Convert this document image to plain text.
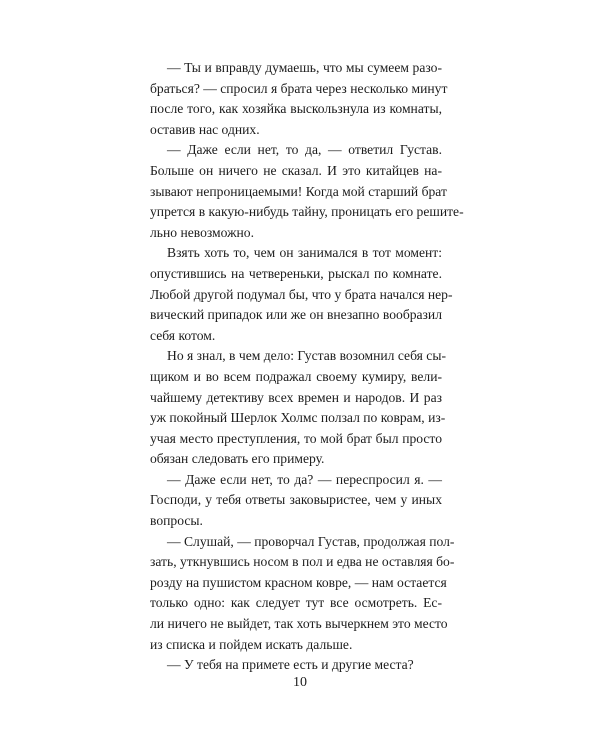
— Ты и вправду думаешь, что мы сумеем разо-
браться? — спросил я брата через несколько минут
после того, как хозяйка выскользнула из комнаты,
оставив нас одних.
— Даже если нет, то да, — ответил Густав.
Больше он ничего не сказал. И это китайцев на-
зывают непроницаемыми! Когда мой старший брат
упрется в какую-нибудь тайну, проницать его решите-
льно невозможно.
Взять хоть то, чем он занимался в тот момент:
опустившись на четвереньки, рыскал по комнате.
Любой другой подумал бы, что у брата начался нер-
вический припадок или же он внезапно вообразил
себя котом.
Но я знал, в чем дело: Густав возомнил себя сы-
щиком и во всем подражал своему кумиру, вели-
чайшему детективу всех времен и народов. И раз
уж покойный Шерлок Холмс ползал по коврам, из-
учая место преступления, то мой брат был просто
обязан следовать его примеру.
— Даже если нет, то да? — переспросил я. —
Господи, у тебя ответы заковыристее, чем у иных
вопросы.
— Слушай, — проворчал Густав, продолжая пол-
зать, уткнувшись носом в пол и едва не оставляя бо-
розду на пушистом красном ковре, — нам остается
только одно: как следует тут все осмотреть. Ес-
ли ничего не выйдет, так хоть вычеркнем это место
из списка и пойдем искать дальше.
— У тебя на примете есть и другие места?
10
